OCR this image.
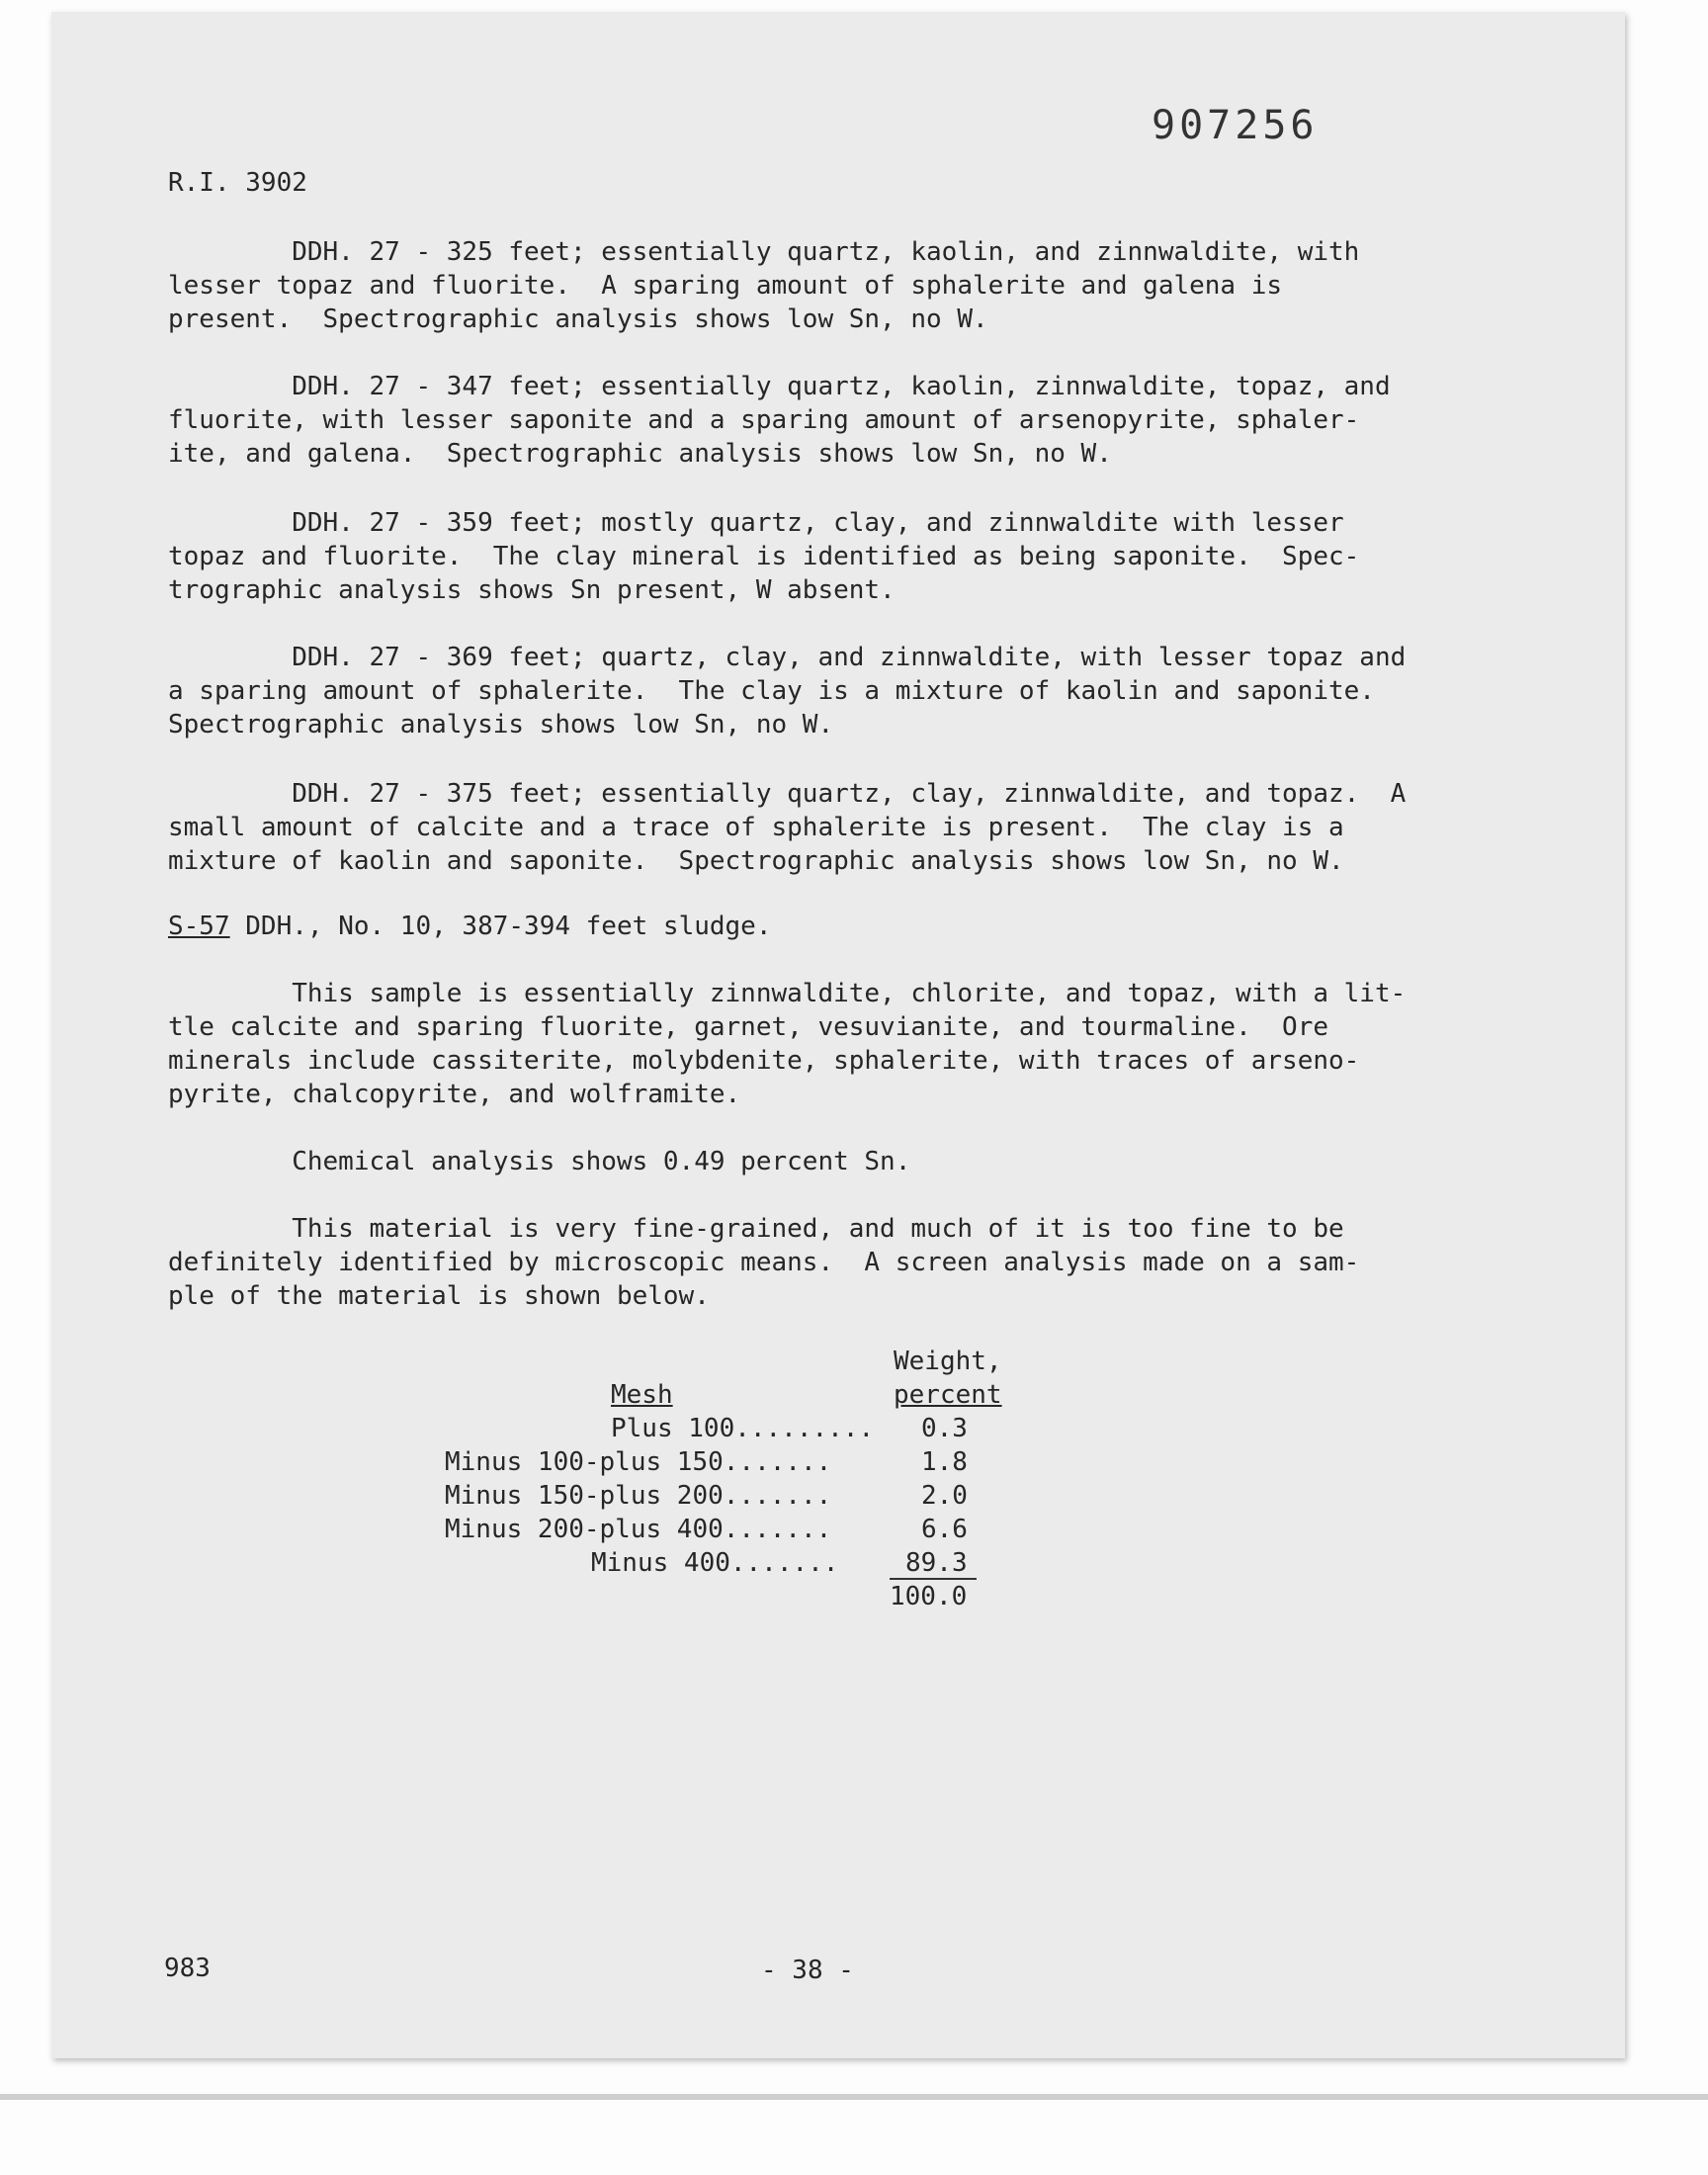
907256
R.I. 3902
DDH. 27 - 325 feet; essentially quartz, kaolin, and zinnwaldite, with
lesser topaz and fluorite.  A sparing amount of sphalerite and galena is
present.  Spectrographic analysis shows low Sn, no W.
DDH. 27 - 347 feet; essentially quartz, kaolin, zinnwaldite, topaz, and
fluorite, with lesser saponite and a sparing amount of arsenopyrite, sphaler-
ite, and galena.  Spectrographic analysis shows low Sn, no W.
DDH. 27 - 359 feet; mostly quartz, clay, and zinnwaldite with lesser
topaz and fluorite.  The clay mineral is identified as being saponite.  Spec-
trographic analysis shows Sn present, W absent.
DDH. 27 - 369 feet; quartz, clay, and zinnwaldite, with lesser topaz and
a sparing amount of sphalerite.  The clay is a mixture of kaolin and saponite.
Spectrographic analysis shows low Sn, no W.
DDH. 27 - 375 feet; essentially quartz, clay, zinnwaldite, and topaz.  A
small amount of calcite and a trace of sphalerite is present.  The clay is a
mixture of kaolin and saponite.  Spectrographic analysis shows low Sn, no W.
S-57 DDH., No. 10, 387-394 feet sludge.
This sample is essentially zinnwaldite, chlorite, and topaz, with a lit-
tle calcite and sparing fluorite, garnet, vesuvianite, and tourmaline.  Ore
minerals include cassiterite, molybdenite, sphalerite, with traces of arseno-
pyrite, chalcopyrite, and wolframite.
Chemical analysis shows 0.49 percent Sn.
This material is very fine-grained, and much of it is too fine to be
definitely identified by microscopic means.  A screen analysis made on a sam-
ple of the material is shown below.
Weight,
Mesh	percent
Plus 100......... 0.3
Minus 100-plus 150.......	1.8
Minus 150-plus 200.......	2.0
Minus 200-plus 400.......	6.6
Minus 400.......	89.3
100.0
983	- 38 -
